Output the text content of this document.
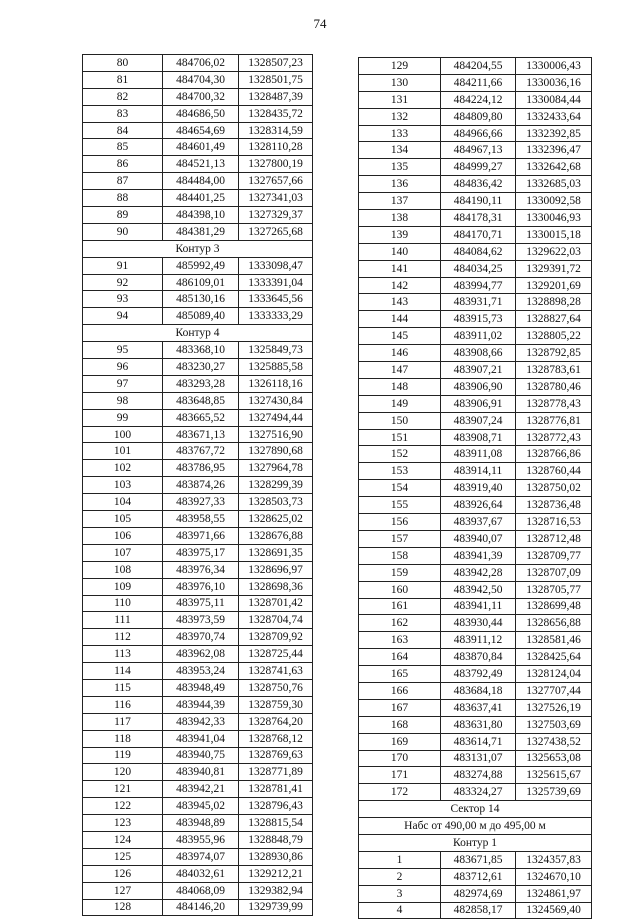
74
80	484706,02	1328507,23
81	484704,30	1328501,75
82	484700,32	1328487,39
83	484686,50	1328435,72
84	484654,69	1328314,59
85	484601,49	1328110,28
86	484521,13	1327800,19
87	484484,00	1327657,66
88	484401,25	1327341,03
89	484398,10	1327329,37
90	484381,29	1327265,68
Контур 3		
91	485992,49	1333098,47
92	486109,01	1333391,04
93	485130,16	1333645,56
94	485089,40	1333333,29
Контур 4		
95	483368,10	1325849,73
96	483230,27	1325885,58
97	483293,28	1326118,16
98	483648,85	1327430,84
99	483665,52	1327494,44
100	483671,13	1327516,90
101	483767,72	1327890,68
102	483786,95	1327964,78
103	483874,26	1328299,39
104	483927,33	1328503,73
105	483958,55	1328625,02
106	483971,66	1328676,88
107	483975,17	1328691,35
108	483976,34	1328696,97
109	483976,10	1328698,36
110	483975,11	1328701,42
111	483973,59	1328704,74
112	483970,74	1328709,92
113	483962,08	1328725,44
114	483953,24	1328741,63
115	483948,49	1328750,76
116	483944,39	1328759,30
117	483942,33	1328764,20
118	483941,04	1328768,12
119	483940,75	1328769,63
120	483940,81	1328771,89
121	483942,21	1328781,41
122	483945,02	1328796,43
123	483948,89	1328815,54
124	483955,96	1328848,79
125	483974,07	1328930,86
126	484032,61	1329212,21
127	484068,09	1329382,94
128	484146,20	1329739,99
129	484204,55	1330006,43
130	484211,66	1330036,16
131	484224,12	1330084,44
132	484809,80	1332433,64
133	484966,66	1332392,85
134	484967,13	1332396,47
135	484999,27	1332642,68
136	484836,42	1332685,03
137	484190,11	1330092,58
138	484178,31	1330046,93
139	484170,71	1330015,18
140	484084,62	1329622,03
141	484034,25	1329391,72
142	483994,77	1329201,69
143	483931,71	1328898,28
144	483915,73	1328827,64
145	483911,02	1328805,22
146	483908,66	1328792,85
147	483907,21	1328783,61
148	483906,90	1328780,46
149	483906,91	1328778,43
150	483907,24	1328776,81
151	483908,71	1328772,43
152	483911,08	1328766,86
153	483914,11	1328760,44
154	483919,40	1328750,02
155	483926,64	1328736,48
156	483937,67	1328716,53
157	483940,07	1328712,48
158	483941,39	1328709,77
159	483942,28	1328707,09
160	483942,50	1328705,77
161	483941,11	1328699,48
162	483930,44	1328656,88
163	483911,12	1328581,46
164	483870,84	1328425,64
165	483792,49	1328124,04
166	483684,18	1327707,44
167	483637,41	1327526,19
168	483631,80	1327503,69
169	483614,71	1327438,52
170	483131,07	1325653,08
171	483274,88	1325615,67
172	483324,27	1325739,69
Сектор 14		
Набс от 490,00 м до 495,00 м		
Контур 1		
1	483671,85	1324357,83
2	483712,61	1324670,10
3	482974,69	1324861,97
4	482858,17	1324569,40
